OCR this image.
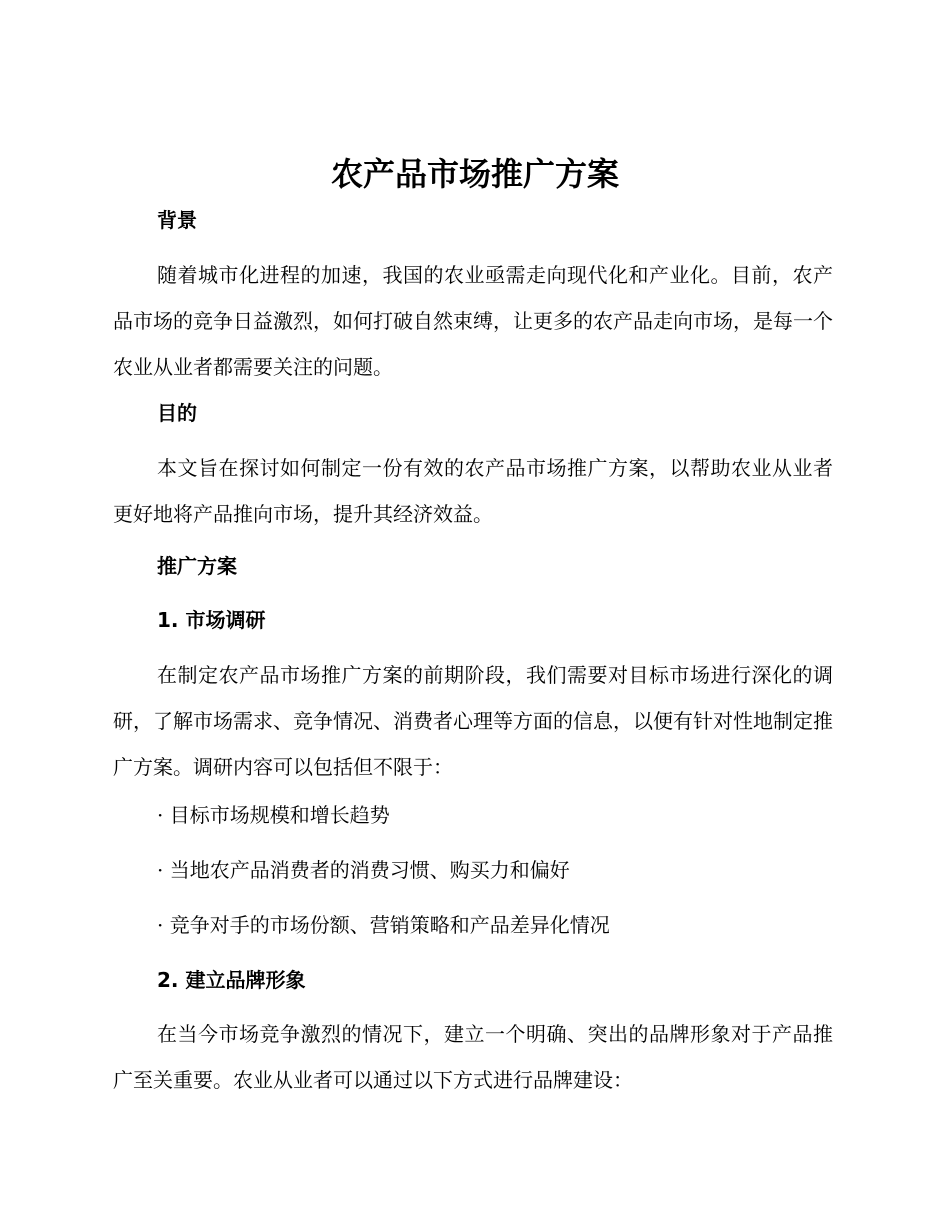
农产品市场推广方案
背景

随着城市化进程的加速，我国的农业亟需走向现代化和产业化。目前，农产品市场的竞争日益激烈，如何打破自然束缚，让更多的农产品走向市场，是每一个农业从业者都需要关注的问题。

目的

本文旨在探讨如何制定一份有效的农产品市场推广方案，以帮助农业从业者更好地将产品推向市场，提升其经济效益。

推广方案
1. 市场调研

在制定农产品市场推广方案的前期阶段，我们需要对目标市场进行深化的调研，了解市场需求、竞争情况、消费者心理等方面的信息，以便有针对性地制定推广方案。调研内容可以包括但不限于：

· 目标市场规模和增长趋势

· 当地农产品消费者的消费习惯、购买力和偏好

· 竞争对手的市场份额、营销策略和产品差异化情况

2. 建立品牌形象

在当今市场竞争激烈的情况下，建立一个明确、突出的品牌形象对于产品推广至关重要。农业从业者可以通过以下方式进行品牌建设：
